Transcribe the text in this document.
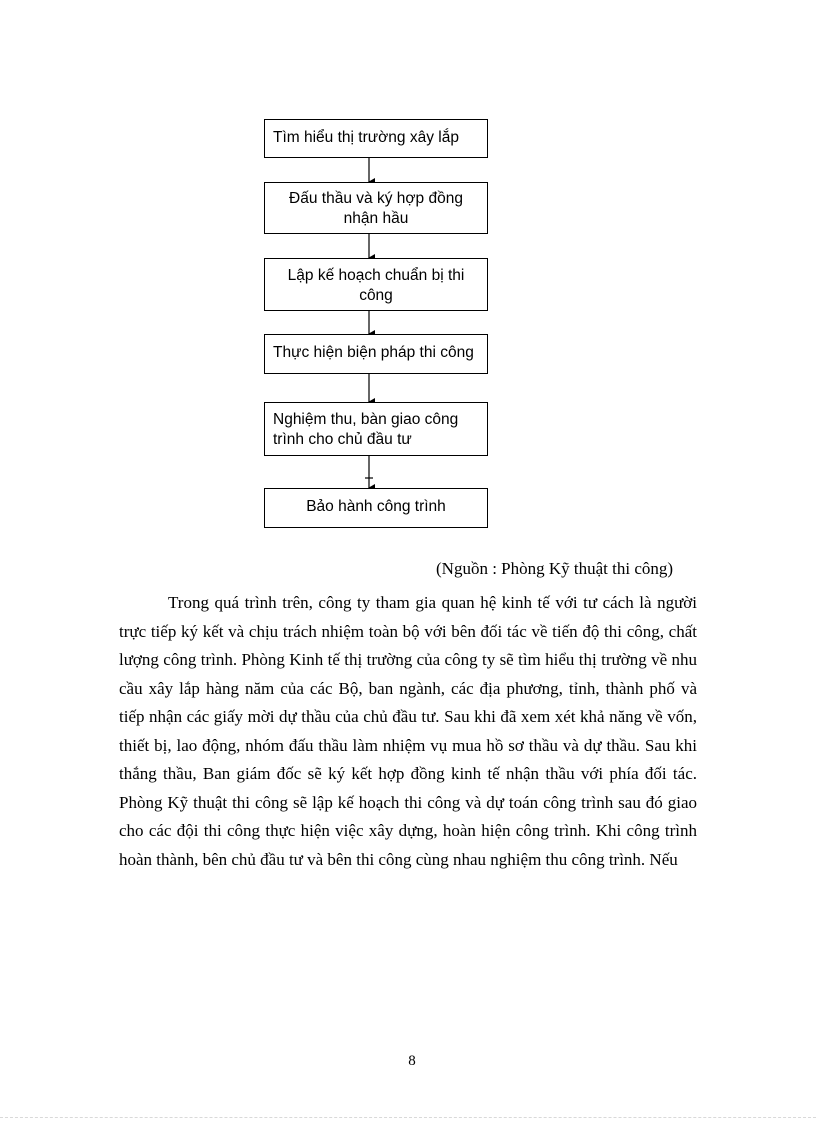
Tìm hiểu thị trường xây lắp
Đấu thầu và ký hợp đồng
nhận hầu
Lập kế hoạch chuẩn bị thi
công
Thực hiện biện pháp thi công
Nghiệm thu, bàn giao công
trình cho chủ đầu tư
Bảo hành công trình
(Nguồn : Phòng Kỹ thuật thi công)

Trong quá trình trên, công ty tham gia quan hệ kinh tế với tư cách là người trực tiếp ký kết và chịu trách nhiệm toàn bộ với bên đối tác về tiến độ thi công, chất lượng công trình. Phòng Kinh tế thị trường của công ty sẽ tìm hiểu thị trường về nhu cầu xây lắp hàng năm của các Bộ, ban ngành, các địa phương, tỉnh, thành phố và tiếp nhận các giấy mời dự thầu của chủ đầu tư. Sau khi đã xem xét khả năng về vốn, thiết bị, lao động, nhóm đấu thầu làm nhiệm vụ mua hồ sơ thầu và dự thầu. Sau khi thắng thầu, Ban giám đốc sẽ ký kết hợp đồng kinh tế nhận thầu với phía đối tác. Phòng Kỹ thuật thi công sẽ lập kế hoạch thi công và dự toán công trình sau đó giao cho các đội thi công thực hiện việc xây dựng, hoàn hiện công trình. Khi công trình hoàn thành, bên chủ đầu tư và bên thi công cùng nhau nghiệm thu công trình. Nếu

8
